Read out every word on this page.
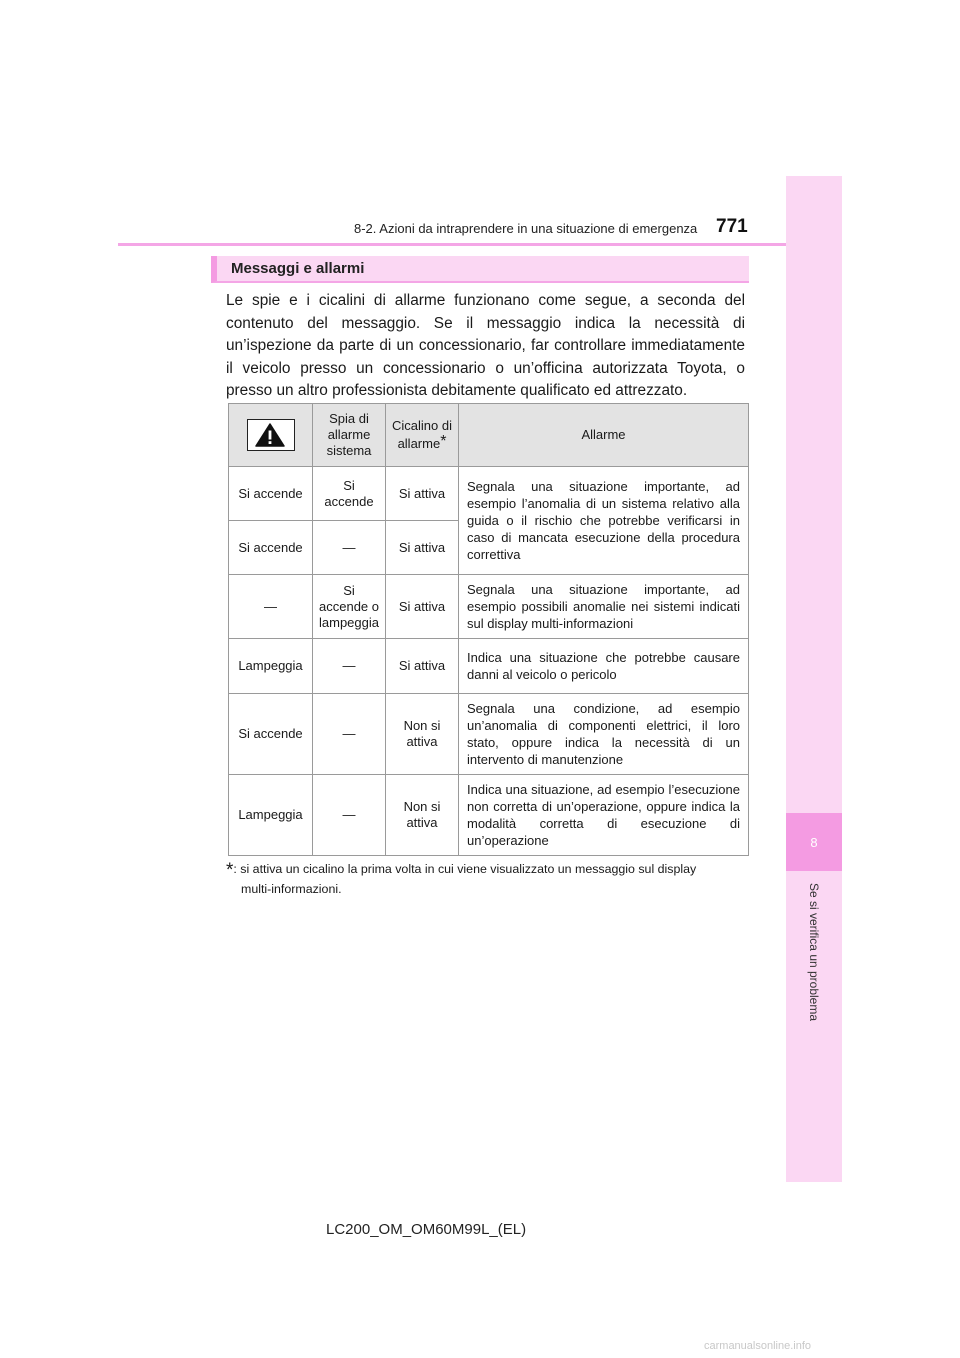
8-2. Azioni da intraprendere in una situazione di emergenza 771
8
Se si verifica un problema
Messaggi e allarmi

Le spie e i cicalini di allarme funzionano come segue, a seconda del contenuto del messaggio. Se il messaggio indica la necessità di un’ispezione da parte di un concessionario, far controllare immediatamente il veicolo presso un concessionario o un’officina autorizzata Toyota, o presso un altro professionista debitamente qualificato ed attrezzato.

	Spia di allarme sistema	Cicalino di allarme*	Allarme
Si accende	Si accende	Si attiva	Segnala una situazione importante, ad esempio l’anomalia di un sistema relativo alla guida o il rischio che potrebbe verificarsi in caso di mancata esecuzione della procedura correttiva
Si accende	—	Si attiva	
—	Si accende o lampeggia	Si attiva	Segnala una situazione importante, ad esempio possibili anomalie nei sistemi indicati sul display multi-informazioni
Lampeggia	—	Si attiva	Indica una situazione che potrebbe causare danni al veicolo o pericolo
Si accende	—	Non si attiva	Segnala una condizione, ad esempio un’anomalia di componenti elettrici, il loro stato, oppure indica la necessità di un intervento di manutenzione
Lampeggia	—	Non si attiva	Indica una situazione, ad esempio l’esecuzione non corretta di un’operazione, oppure indica la modalità corretta di esecuzione di un’operazione
*: si attiva un cicalino la prima volta in cui viene visualizzato un messaggio sul display
multi-informazioni.
LC200_OM_OM60M99L_(EL)
carmanualsonline.info
